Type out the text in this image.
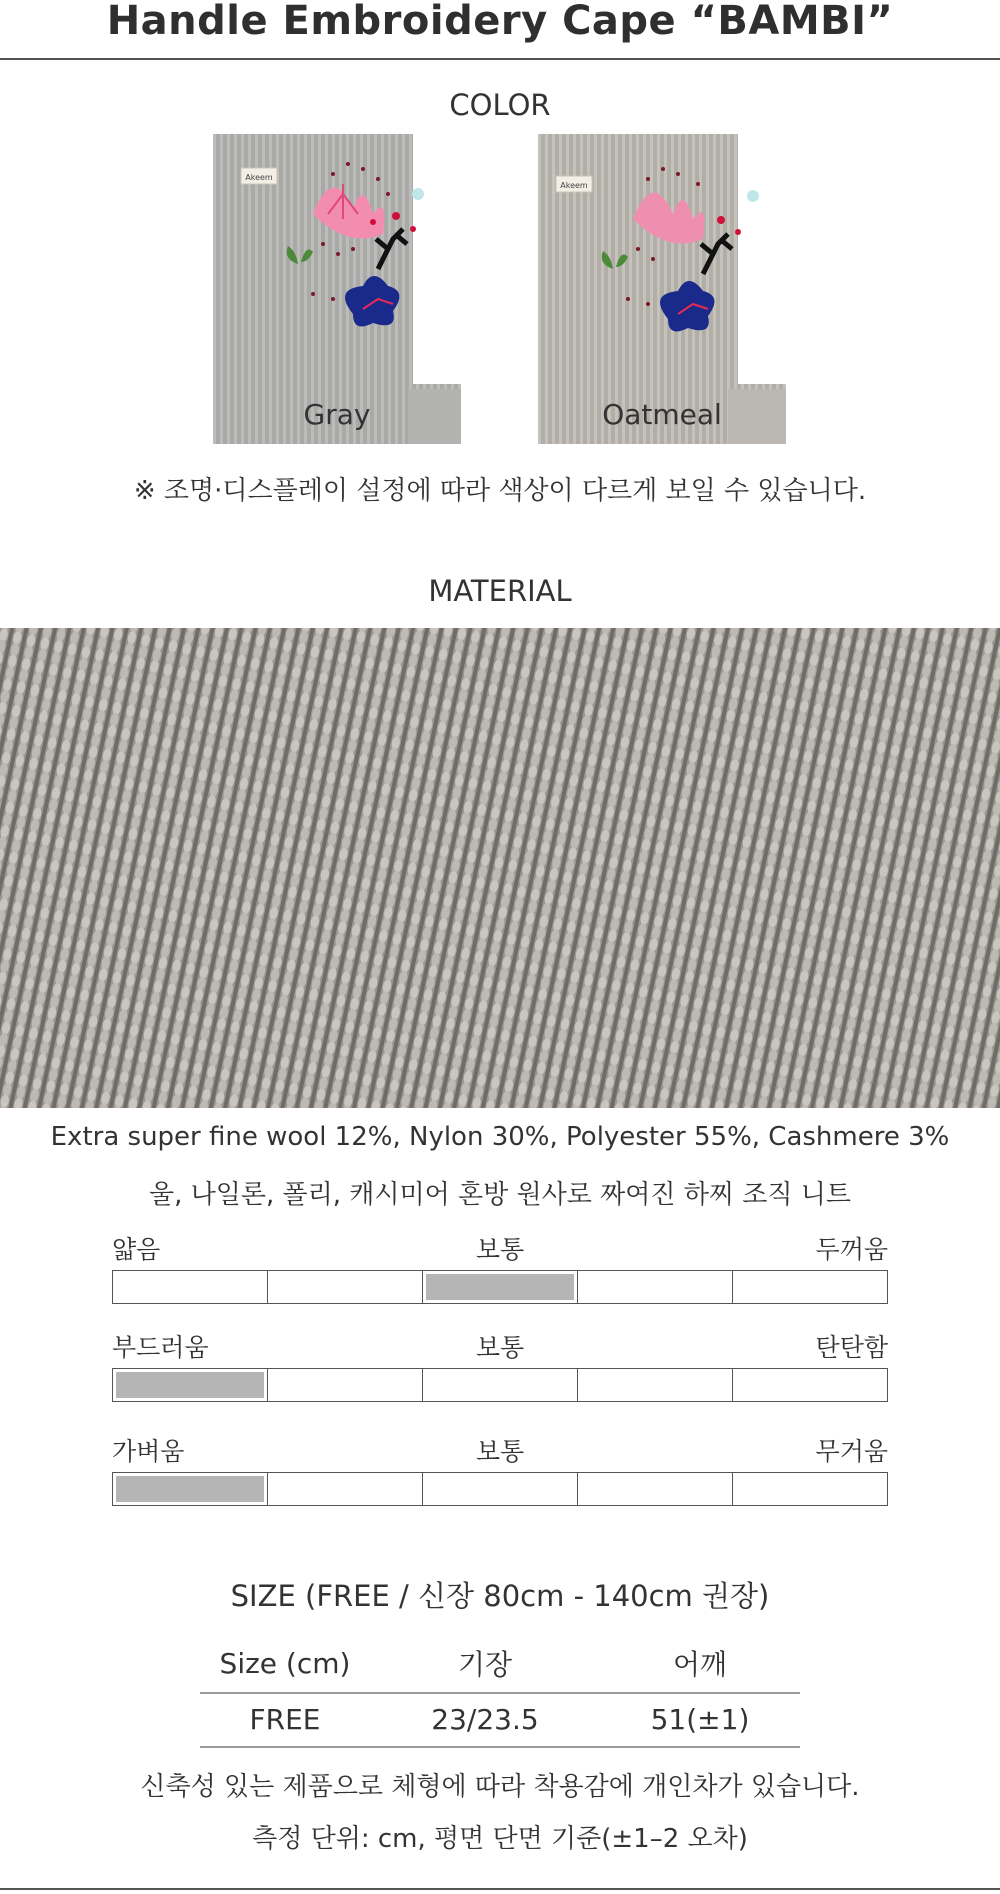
Handle Embroidery Cape “BAMBI”
COLOR
Akeem
Gray
Akeem
Oatmeal
※ 조명·디스플레이 설정에 따라 색상이 다르게 보일 수 있습니다.
MATERIAL
Extra super fine wool 12%, Nylon 30%, Polyester 55%, Cashmere 3%
울, 나일론, 폴리, 캐시미어 혼방 원사로 짜여진 하찌 조직 니트
얇음	보통	두꺼움
부드러움	보통	탄탄함
가벼움	보통	무거움
SIZE (FREE / 신장 80cm - 140cm 권장)
Size (cm)	기장	어깨
FREE	23/23.5	51(±1)
신축성 있는 제품으로 체형에 따라 착용감에 개인차가 있습니다.
측정 단위: cm, 평면 단면 기준(±1–2 오차)
